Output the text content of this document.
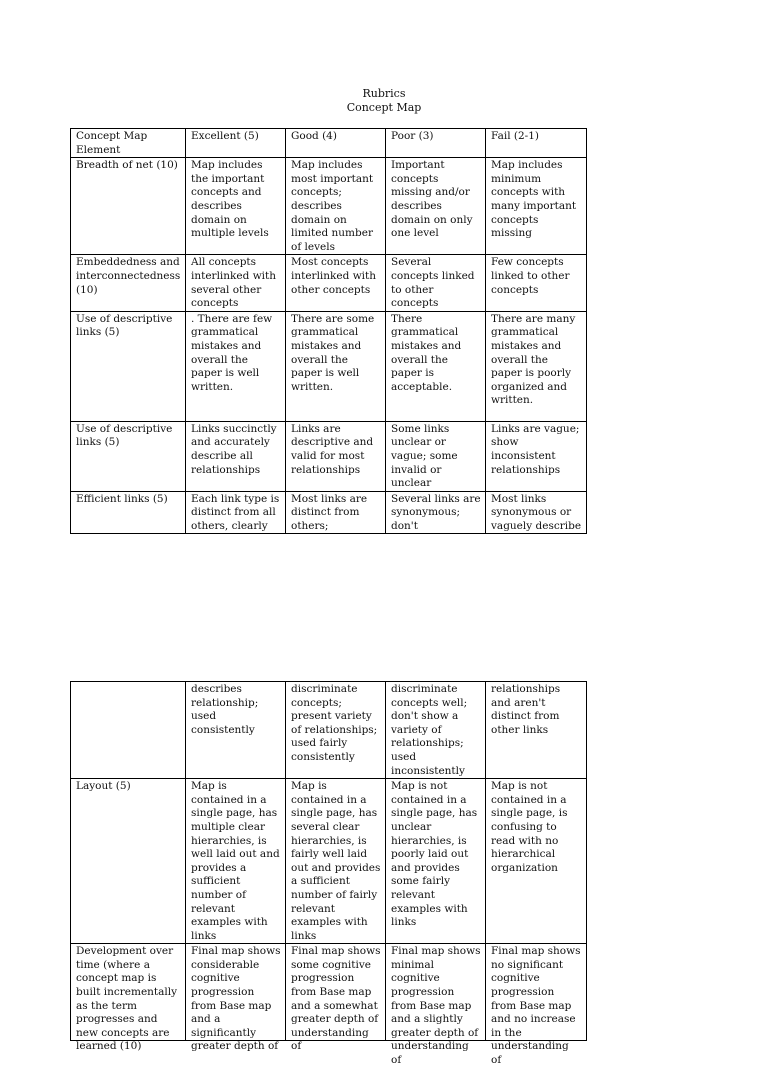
Rubrics
Concept Map
Concept Map Element	Excellent (5)	Good (4)	Poor (3)	Fail (2-1)
Breadth of net (10)	Map includes the important concepts and describes domain on multiple levels	Map includes most important concepts; describes domain on limited number of levels	Important concepts missing and/or describes domain on only one level	Map includes minimum concepts with many important concepts missing
Embeddedness and interconnectedness (10)	All concepts interlinked with several other concepts	Most concepts interlinked with other concepts	Several concepts linked to other concepts	Few concepts linked to other concepts
Use of descriptive links (5)	. There are few grammatical mistakes and overall the paper is well written.	There are some grammatical mistakes and overall the paper is well written.	There grammatical mistakes and overall the paper is acceptable.	There are many grammatical mistakes and overall the paper is poorly organized and written.
Use of descriptive links (5)	Links succinctly and accurately describe all relationships	Links are descriptive and valid for most relationships	Some links unclear or vague; some invalid or unclear	Links are vague; show inconsistent relationships

Efficient links (5)	Each link type is distinct from all others, clearly	Most links are distinct from others;	Several links are synonymous; don't	Most links synonymous or vaguely describe
	describes relationship; used consistently	discriminate concepts; present variety of relationships; used fairly consistently	discriminate concepts well; don't show a variety of relationships; used inconsistently	relationships and aren't distinct from other links
Layout (5)	Map is contained in a single page, has multiple clear hierarchies, is well laid out and provides a sufficient number of relevant examples with links	Map is contained in a single page, has several clear hierarchies, is fairly well laid out and provides a sufficient number of fairly relevant examples with links	Map is not contained in a single page, has unclear hierarchies, is poorly laid out and provides some fairly relevant examples with links	Map is not contained in a single page, is confusing to read with no hierarchical organization

Development over time (where a concept map is built incrementally as the term progresses and new concepts are learned (10)	Final map shows considerable cognitive progression from Base map and a significantly greater depth of	Final map shows some cognitive progression from Base map and a somewhat greater depth of understanding of	Final map shows minimal cognitive progression from Base map and a slightly greater depth of understanding of	Final map shows no significant cognitive progression from Base map and no increase in the understanding of
